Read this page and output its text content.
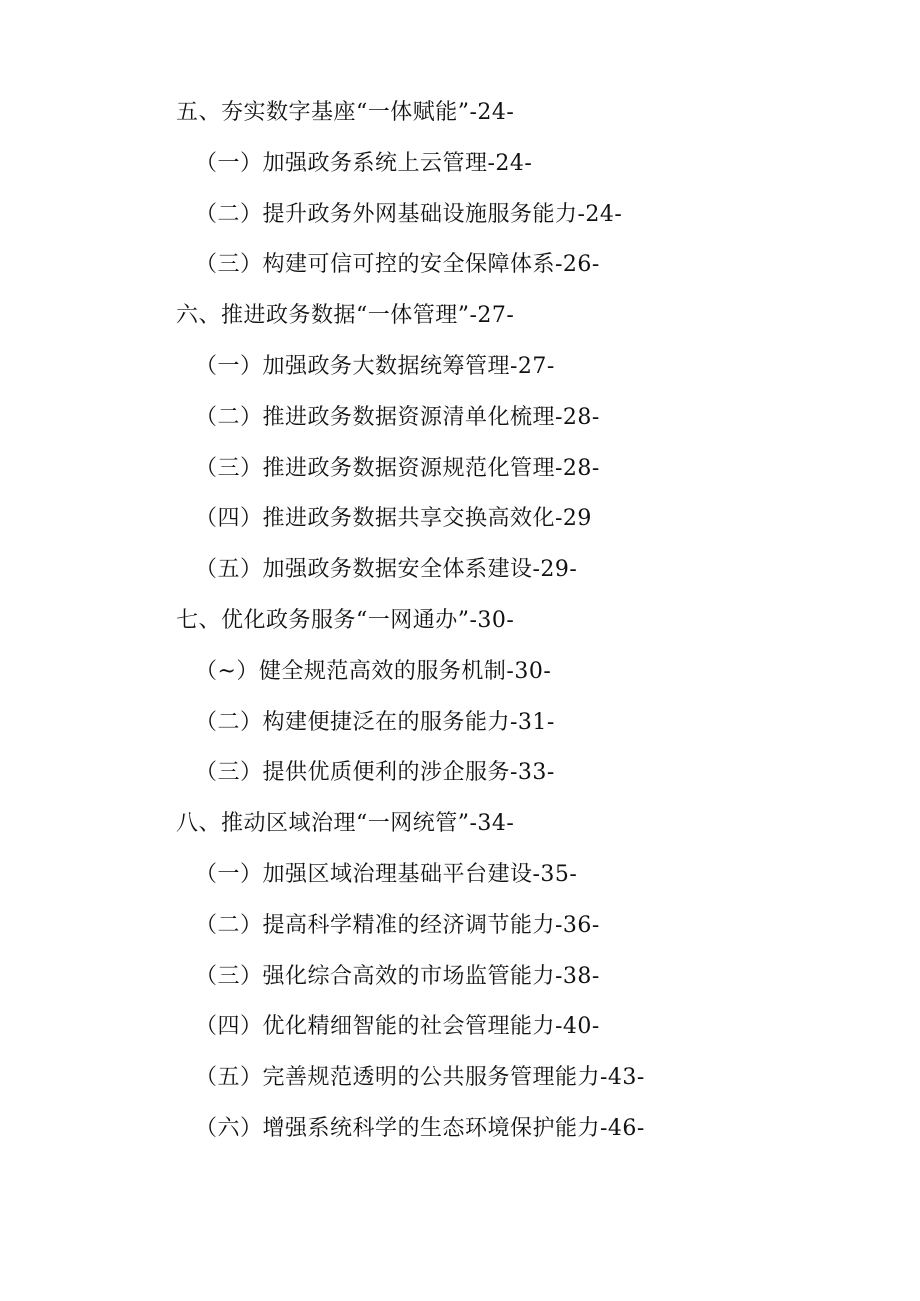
五、夯实数字基座“一体赋能”-24-
（一）加强政务系统上云管理-24-
（二）提升政务外网基础设施服务能力-24-
（三）构建可信可控的安全保障体系-26-
六、推进政务数据“一体管理”-27-
（一）加强政务大数据统筹管理-27-
（二）推进政务数据资源清单化梳理-28-
（三）推进政务数据资源规范化管理-28-
（四）推进政务数据共享交换高效化-29
（五）加强政务数据安全体系建设-29-
七、优化政务服务“一网通办”-30-
（~）健全规范高效的服务机制-30-
（二）构建便捷泛在的服务能力-31-
（三）提供优质便利的涉企服务-33-
八、推动区域治理“一网统管”-34-
（一）加强区域治理基础平台建设-35-
（二）提高科学精准的经济调节能力-36-
（三）强化综合高效的市场监管能力-38-
（四）优化精细智能的社会管理能力-40-
（五）完善规范透明的公共服务管理能力-43-
（六）增强系统科学的生态环境保护能力-46-
